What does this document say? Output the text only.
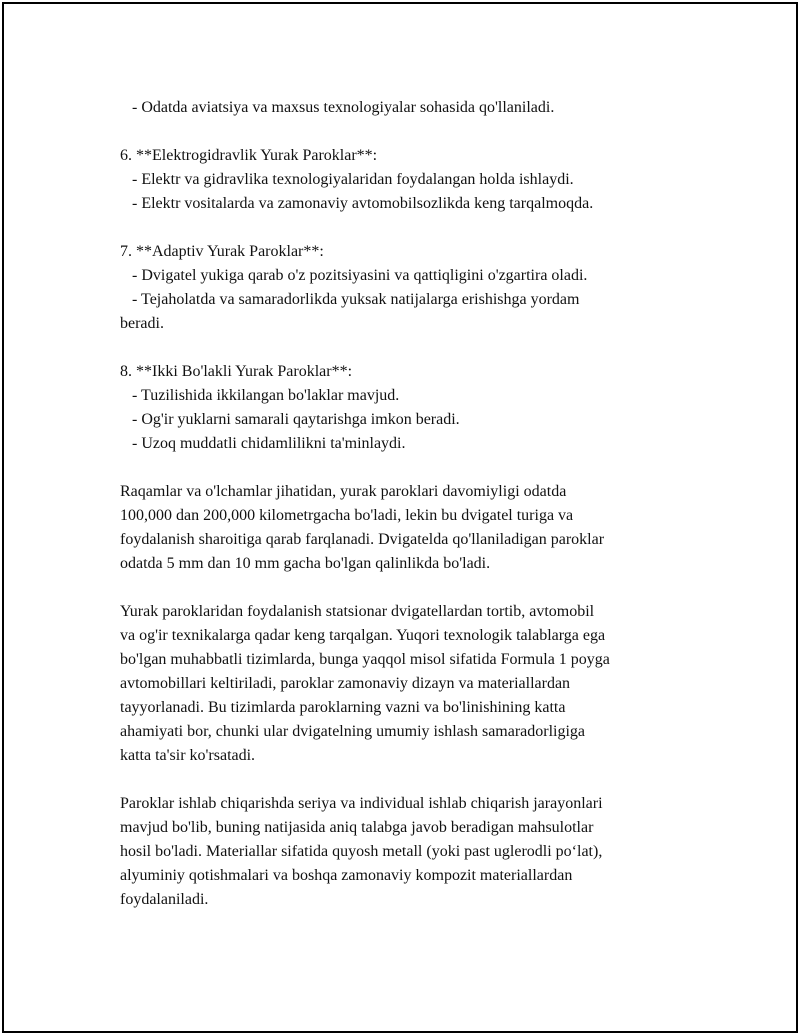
- Odatda aviatsiya va maxsus texnologiyalar sohasida qo'llaniladi.
6. **Elektrogidravlik Yurak Paroklar**:
- Elektr va gidravlika texnologiyalaridan foydalangan holda ishlaydi.
- Elektr vositalarda va zamonaviy avtomobilsozlikda keng tarqalmoqda.
7. **Adaptiv Yurak Paroklar**:
- Dvigatel yukiga qarab o'z pozitsiyasini va qattiqligini o'zgartira oladi.
- Tejaholatda va samaradorlikda yuksak natijalarga erishishga yordam
beradi.
8. **Ikki Bo'lakli Yurak Paroklar**:
- Tuzilishida ikkilangan bo'laklar mavjud.
- Og'ir yuklarni samarali qaytarishga imkon beradi.
- Uzoq muddatli chidamlilikni ta'minlaydi.
Raqamlar va o'lchamlar jihatidan, yurak paroklari davomiyligi odatda
100,000 dan 200,000 kilometrgacha bo'ladi, lekin bu dvigatel turiga va
foydalanish sharoitiga qarab farqlanadi. Dvigatelda qo'llaniladigan paroklar
odatda 5 mm dan 10 mm gacha bo'lgan qalinlikda bo'ladi.
Yurak paroklaridan foydalanish statsionar dvigatellardan tortib, avtomobil
va og'ir texnikalarga qadar keng tarqalgan. Yuqori texnologik talablarga ega
bo'lgan muhabbatli tizimlarda, bunga yaqqol misol sifatida Formula 1 poyga
avtomobillari keltiriladi, paroklar zamonaviy dizayn va materiallardan
tayyorlanadi. Bu tizimlarda paroklarning vazni va bo'linishining katta
ahamiyati bor, chunki ular dvigatelning umumiy ishlash samaradorligiga
katta ta'sir ko'rsatadi.
Paroklar ishlab chiqarishda seriya va individual ishlab chiqarish jarayonlari
mavjud bo'lib, buning natijasida aniq talabga javob beradigan mahsulotlar
hosil bo'ladi. Materiallar sifatida quyosh metall (yoki past uglerodli po‘lat),
alyuminiy qotishmalari va boshqa zamonaviy kompozit materiallardan
foydalaniladi.
